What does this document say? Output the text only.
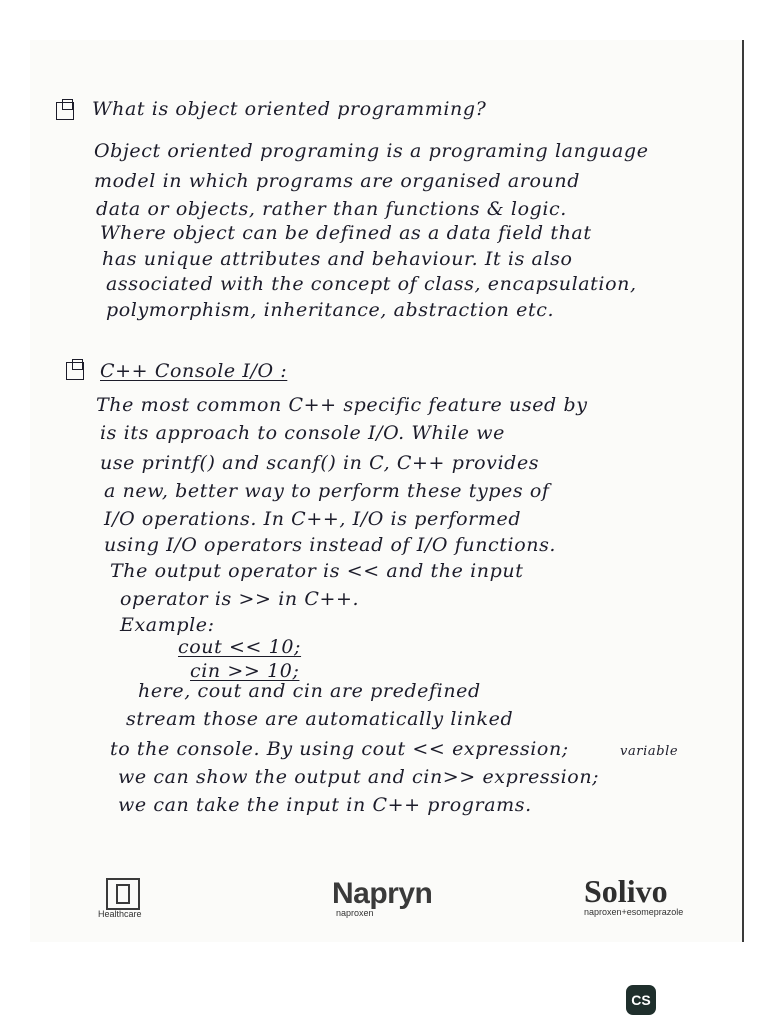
What is object oriented programming?
Object oriented programing is a programing language
model in which programs are organised around
data or objects, rather than functions & logic.
Where object can be defined as a data field that
has unique attributes and behaviour. It is also
associated with the concept of class, encapsulation,
polymorphism, inheritance, abstraction etc.
C++ Console I/O :
The most common C++ specific feature used by
is its approach to console I/O. While we
use printf() and scanf() in C, C++ provides
a new, better way to perform these types of
I/O operations. In C++, I/O is performed
using I/O operators instead of I/O functions.
The output operator is << and the input
operator is >> in C++.
Example:
cout << 10;
cin >> 10;
here, cout and cin are predefined
stream those are automatically linked
variable
to the console. By using cout << expression;
we can show the output and cin>> expression;
we can take the input in C++ programs.
Healthcare
Napryn
naproxen
Solivo
naproxen+esomeprazole
CS
